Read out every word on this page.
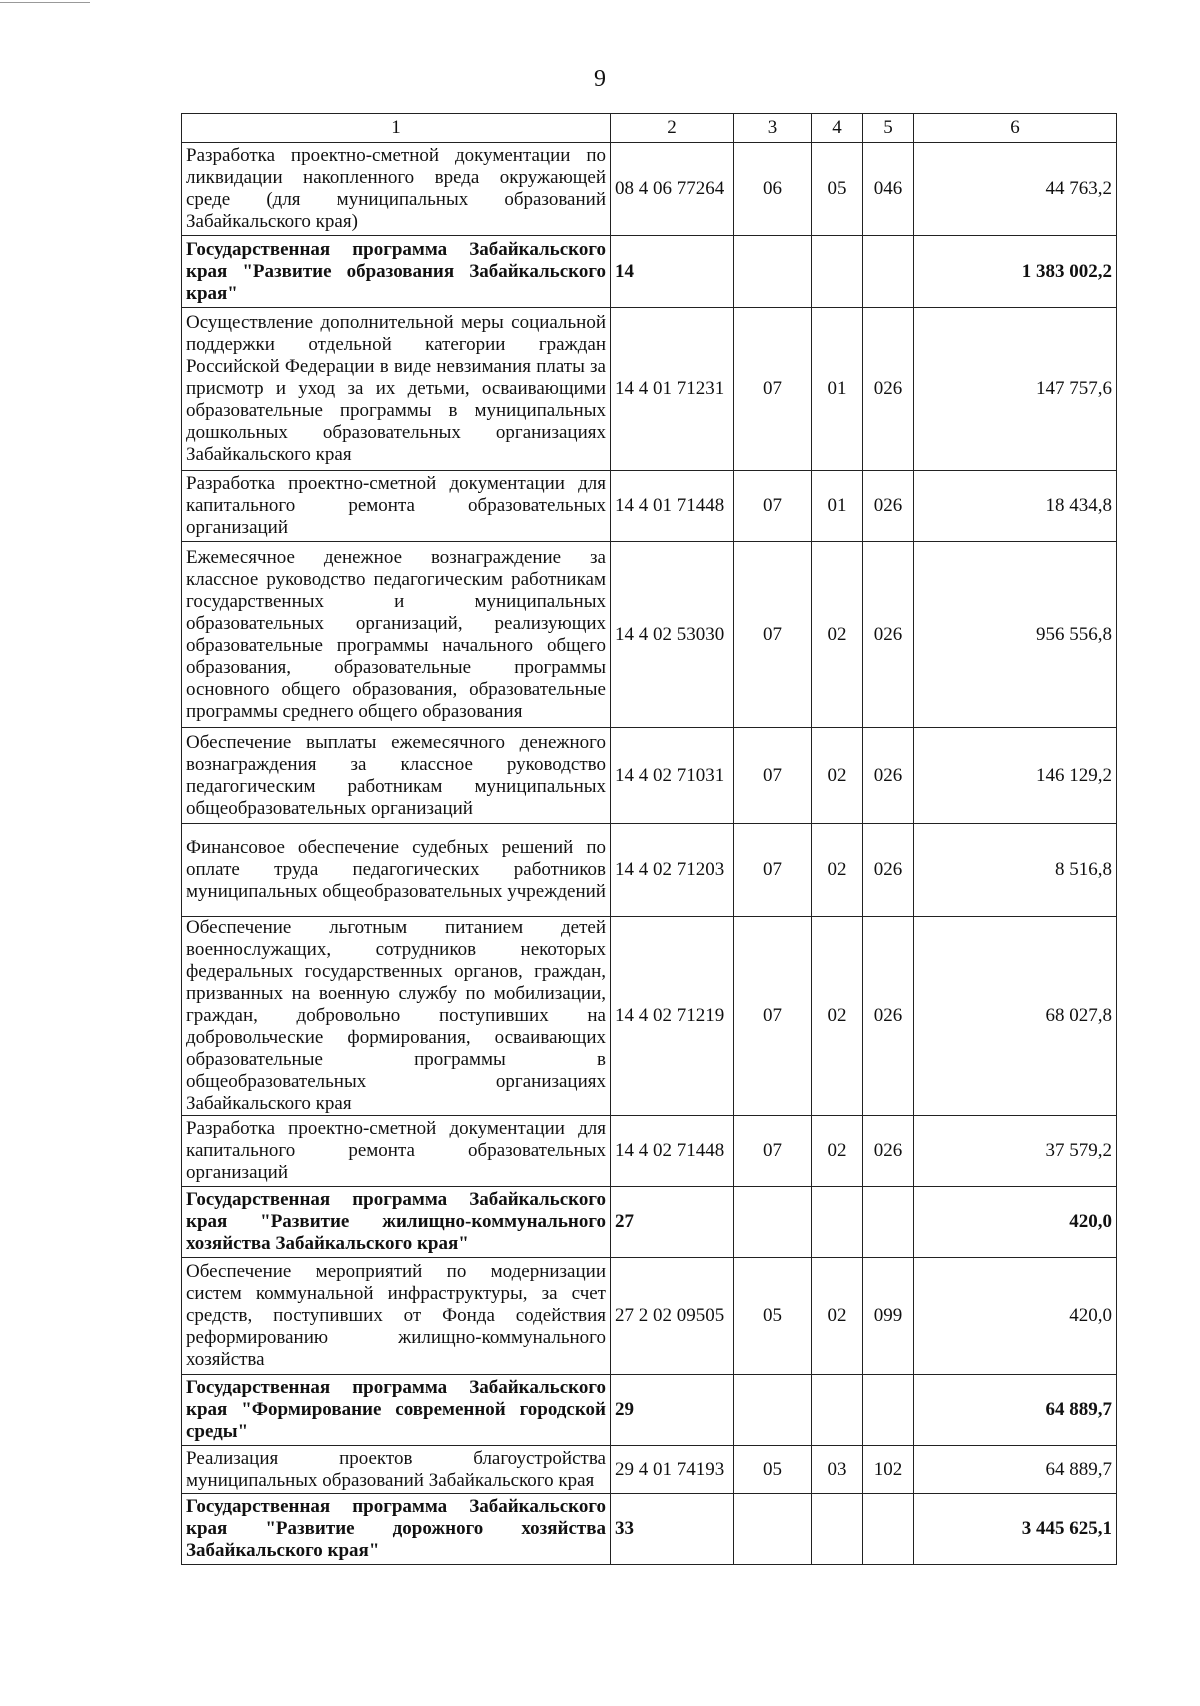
9
1	2	3	4	5	6
Разработка проектно-сметной документации по ликвидации накопленного вреда окружающей среде (для муниципальных образований Забайкальского края)	08 4 06 77264	06	05	046	44 763,2
Государственная программа Забайкальского края "Развитие образования Забайкальского края"	14				1 383 002,2
Осуществление дополнительной меры социальной поддержки отдельной категории граждан Российской Федерации в виде невзимания платы за присмотр и уход за их детьми, осваивающими образовательные программы в муниципальных дошкольных образовательных организациях Забайкальского края	14 4 01 71231	07	01	026	147 757,6
Разработка проектно-сметной документации для капитального ремонта образовательных организаций	14 4 01 71448	07	01	026	18 434,8
Ежемесячное денежное вознаграждение за классное руководство педагогическим работникам государственных и муниципальных образовательных организаций, реализующих образовательные программы начального общего образования, образовательные программы основного общего образования, образовательные программы среднего общего образования	14 4 02 53030	07	02	026	956 556,8
Обеспечение выплаты ежемесячного денежного вознаграждения за классное руководство педагогическим работникам муниципальных общеобразовательных организаций	14 4 02 71031	07	02	026	146 129,2
Финансовое обеспечение судебных решений по оплате труда педагогических работников муниципальных общеобразовательных учреждений	14 4 02 71203	07	02	026	8 516,8
Обеспечение льготным питанием детей военнослужащих, сотрудников некоторых федеральных государственных органов, граждан, призванных на военную службу по мобилизации, граждан, добровольно поступивших на добровольческие формирования, осваивающих образовательные программы в общеобразовательных организациях Забайкальского края	14 4 02 71219	07	02	026	68 027,8
Разработка проектно-сметной документации для капитального ремонта образовательных организаций	14 4 02 71448	07	02	026	37 579,2
Государственная программа Забайкальского края "Развитие жилищно-коммунального хозяйства Забайкальского края"	27				420,0
Обеспечение мероприятий по модернизации систем коммунальной инфраструктуры, за счет средств, поступивших от Фонда содействия реформированию жилищно-коммунального хозяйства	27 2 02 09505	05	02	099	420,0
Государственная программа Забайкальского края "Формирование современной городской среды"	29				64 889,7
Реализация проектов благоустройства муниципальных образований Забайкальского края	29 4 01 74193	05	03	102	64 889,7
Государственная программа Забайкальского края "Развитие дорожного хозяйства Забайкальского края"	33				3 445 625,1
